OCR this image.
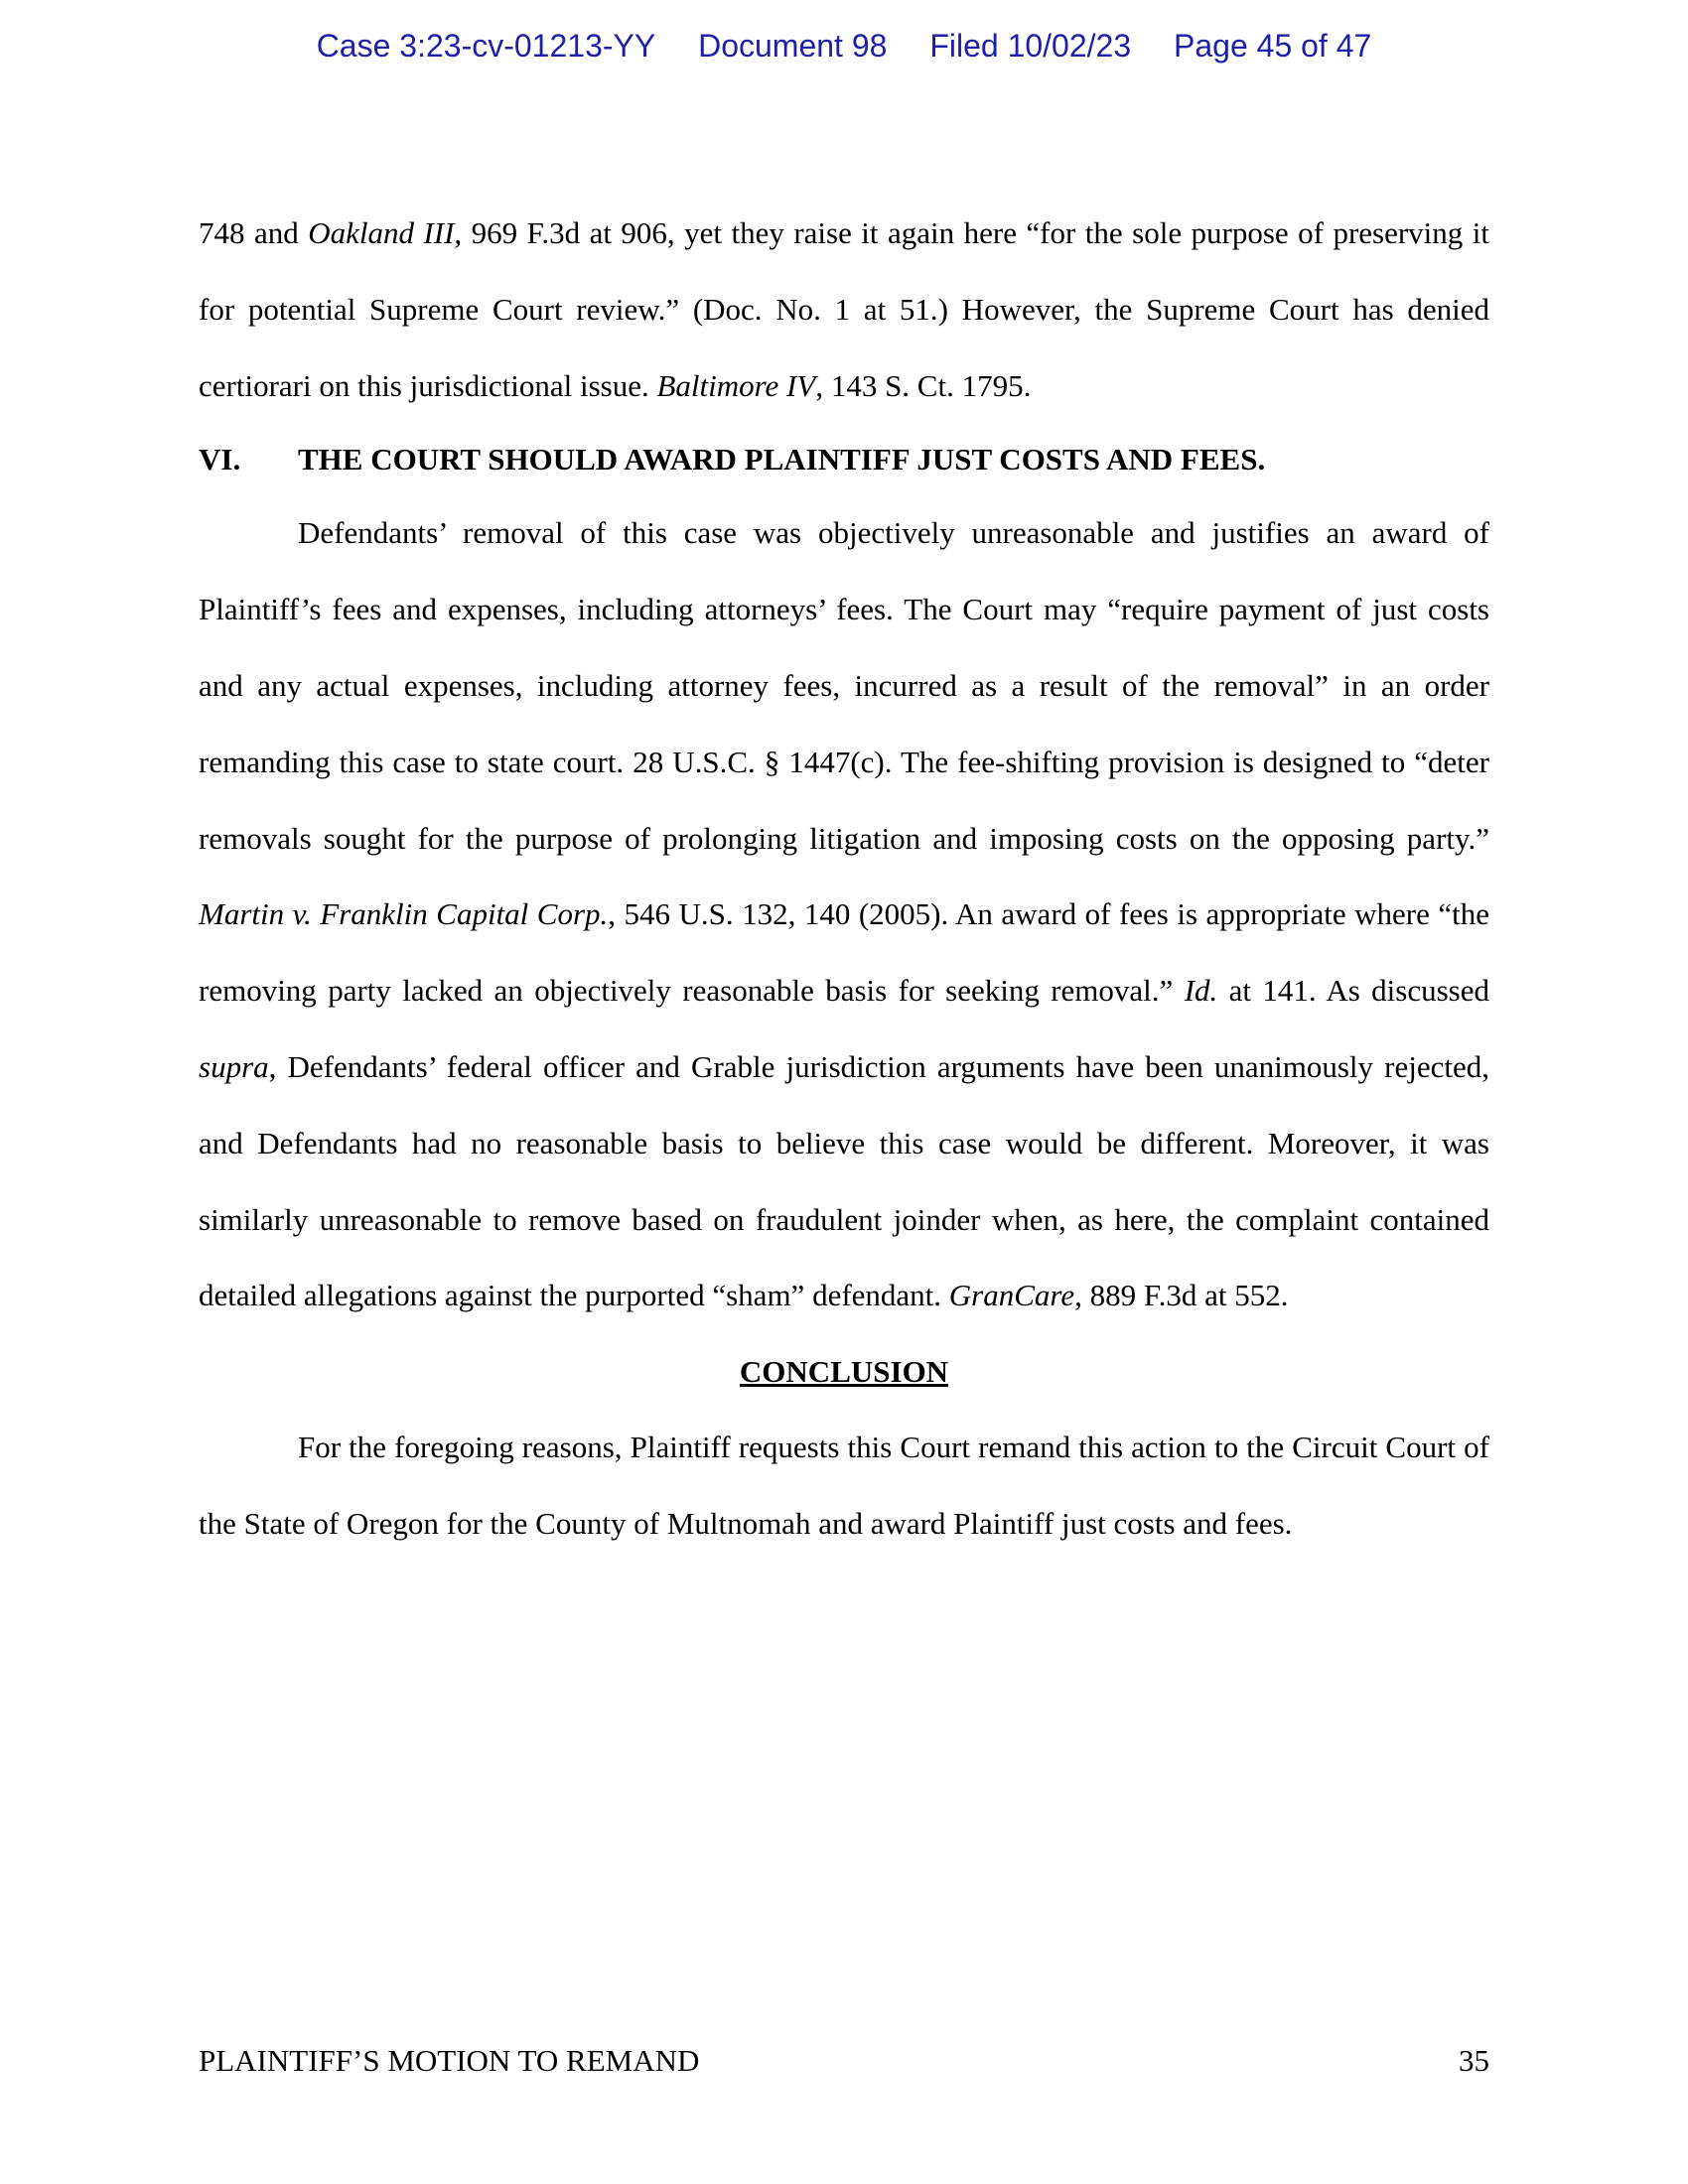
Case 3:23-cv-01213-YY Document 98 Filed 10/02/23 Page 45 of 47

748 and Oakland III, 969 F.3d at 906, yet they raise it again here “for the sole purpose of preserving it for potential Supreme Court review.” (Doc. No. 1 at 51.) However, the Supreme Court has denied certiorari on this jurisdictional issue. Baltimore IV, 143 S. Ct. 1795.

VI. THE COURT SHOULD AWARD PLAINTIFF JUST COSTS AND FEES.

Defendants’ removal of this case was objectively unreasonable and justifies an award of Plaintiff’s fees and expenses, including attorneys’ fees. The Court may “require payment of just costs and any actual expenses, including attorney fees, incurred as a result of the removal” in an order remanding this case to state court. 28 U.S.C. § 1447(c). The fee-shifting provision is designed to “deter removals sought for the purpose of prolonging litigation and imposing costs on the opposing party.” Martin v. Franklin Capital Corp., 546 U.S. 132, 140 (2005). An award of fees is appropriate where “the removing party lacked an objectively reasonable basis for seeking removal.” Id. at 141. As discussed supra, Defendants’ federal officer and Grable jurisdiction arguments have been unanimously rejected, and Defendants had no reasonable basis to believe this case would be different. Moreover, it was similarly unreasonable to remove based on fraudulent joinder when, as here, the complaint contained detailed allegations against the purported “sham” defendant. GranCare, 889 F.3d at 552.

CONCLUSION

For the foregoing reasons, Plaintiff requests this Court remand this action to the Circuit Court of the State of Oregon for the County of Multnomah and award Plaintiff just costs and fees.

PLAINTIFF’S MOTION TO REMAND	35
